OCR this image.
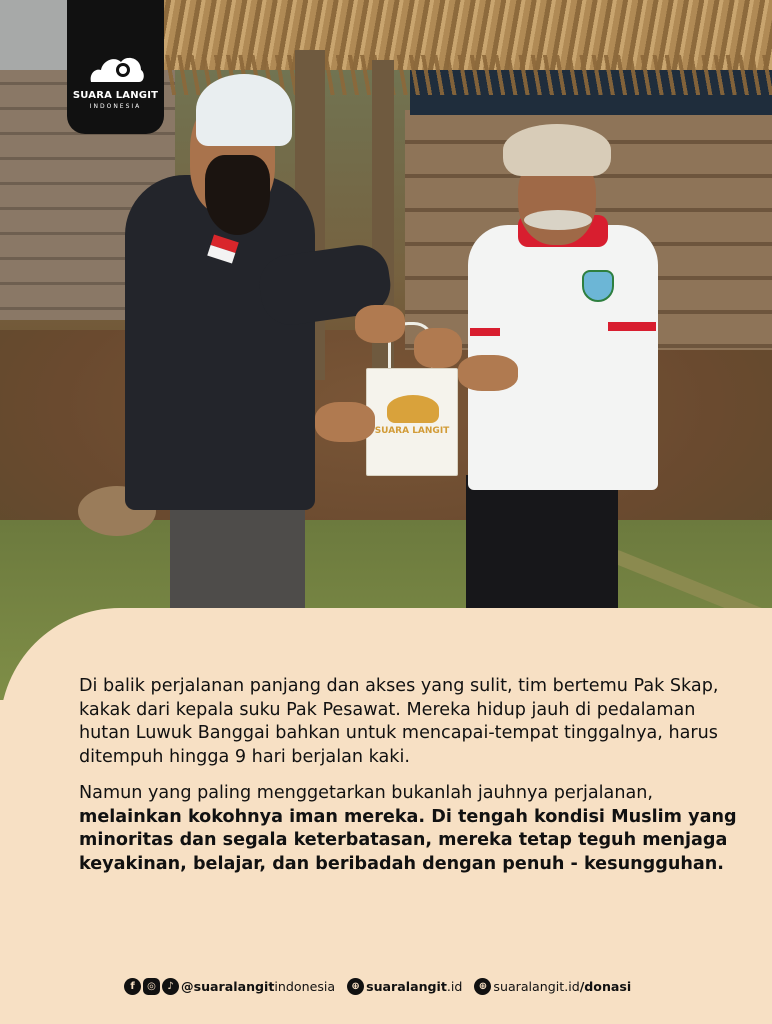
SUARA LANGIT
SUARA LANGIT
INDONESIA

Di balik perjalanan panjang dan akses yang sulit, tim bertemu Pak Skap, kakak dari kepala suku Pak Pesawat. Mereka hidup jauh di pedalaman hutan Luwuk Banggai bahkan untuk mencapai-tempat tinggalnya, harus ditempuh hingga 9 hari berjalan kaki.

Namun yang paling menggetarkan bukanlah jauhnya perjalanan, melainkan kokohnya iman mereka. Di tengah kondisi Muslim yang minoritas dan segala keterbatasan, mereka tetap teguh menjaga keyakinan, belajar, dan beribadah dengan penuh - kesungguhan.

f	◎	♪ @suaralangitindonesia	⊕ suaralangit.id	⊕ suaralangit.id/donasi
